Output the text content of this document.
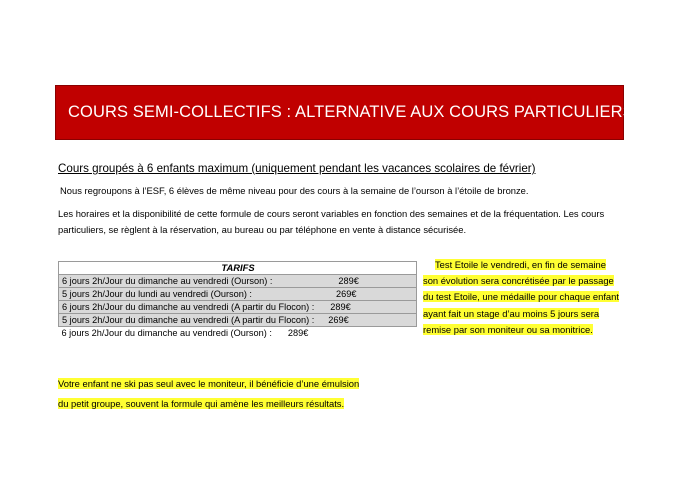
COURS SEMI-COLLECTIFS : ALTERNATIVE AUX COURS PARTICULIERS
Cours groupés à 6 enfants maximum (uniquement pendant les vacances scolaires de février)
Nous regroupons à l’ESF, 6 élèves de même niveau pour des cours à la semaine de l’ourson à l’étoile de bronze.
Les horaires et la disponibilité de cette formule de cours seront variables en fonction des semaines et de la fréquentation. Les cours particuliers, se règlent à la réservation, au bureau ou par téléphone en vente à distance sécurisée.
TARIFS
6 jours 2h/Jour du dimanche au vendredi (Ourson) :	289€
5 jours 2h/Jour du lundi au vendredi (Ourson) :	269€
6 jours 2h/Jour du dimanche au vendredi (A partir du Flocon) : 289€
5 jours 2h/Jour du dimanche au vendredi (A partir du Flocon) : 269€
6 jours 2h/Jour du dimanche au vendredi (Ourson) : 289€
Test Etoile le vendredi, en fin de semaine son évolution sera concrétisée par le passage du test Etoile, une médaille pour chaque enfant ayant fait un stage d’au moins 5 jours sera remise par son moniteur ou sa monitrice.
Votre enfant ne ski pas seul avec le moniteur, il bénéficie d’une émulsion
du petit groupe, souvent la formule qui amène les meilleurs résultats.
